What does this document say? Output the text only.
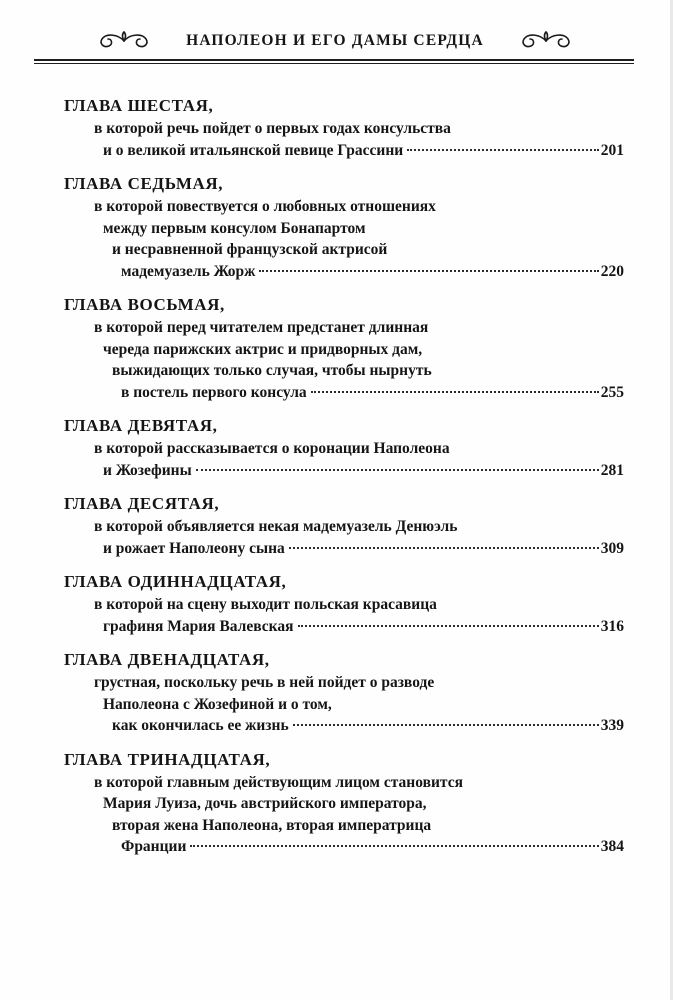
НАПОЛЕОН И ЕГО ДАМЫ СЕРДЦА
ГЛАВА ШЕСТАЯ,
в которой речь пойдет о первых годах консульства
и о великой итальянской певице Грассини	201
ГЛАВА СЕДЬМАЯ,
в которой повествуется о любовных отношениях
между первым консулом Бонапартом
и несравненной французской актрисой
мадемуазель Жорж	220
ГЛАВА ВОСЬМАЯ,
в которой перед читателем предстанет длинная
череда парижских актрис и придворных дам,
выжидающих только случая, чтобы нырнуть
в постель первого консула	255
ГЛАВА ДЕВЯТАЯ,
в которой рассказывается о коронации Наполеона
и Жозефины	281
ГЛАВА ДЕСЯТАЯ,
в которой объявляется некая мадемуазель Денюэль
и рожает Наполеону сына	309
ГЛАВА ОДИННАДЦАТАЯ,
в которой на сцену выходит польская красавица
графиня Мария Валевская	316
ГЛАВА ДВЕНАДЦАТАЯ,
грустная, поскольку речь в ней пойдет о разводе
Наполеона с Жозефиной и о том,
как окончилась ее жизнь	339
ГЛАВА ТРИНАДЦАТАЯ,
в которой главным действующим лицом становится
Мария Луиза, дочь австрийского императора,
вторая жена Наполеона, вторая императрица
Франции	384
